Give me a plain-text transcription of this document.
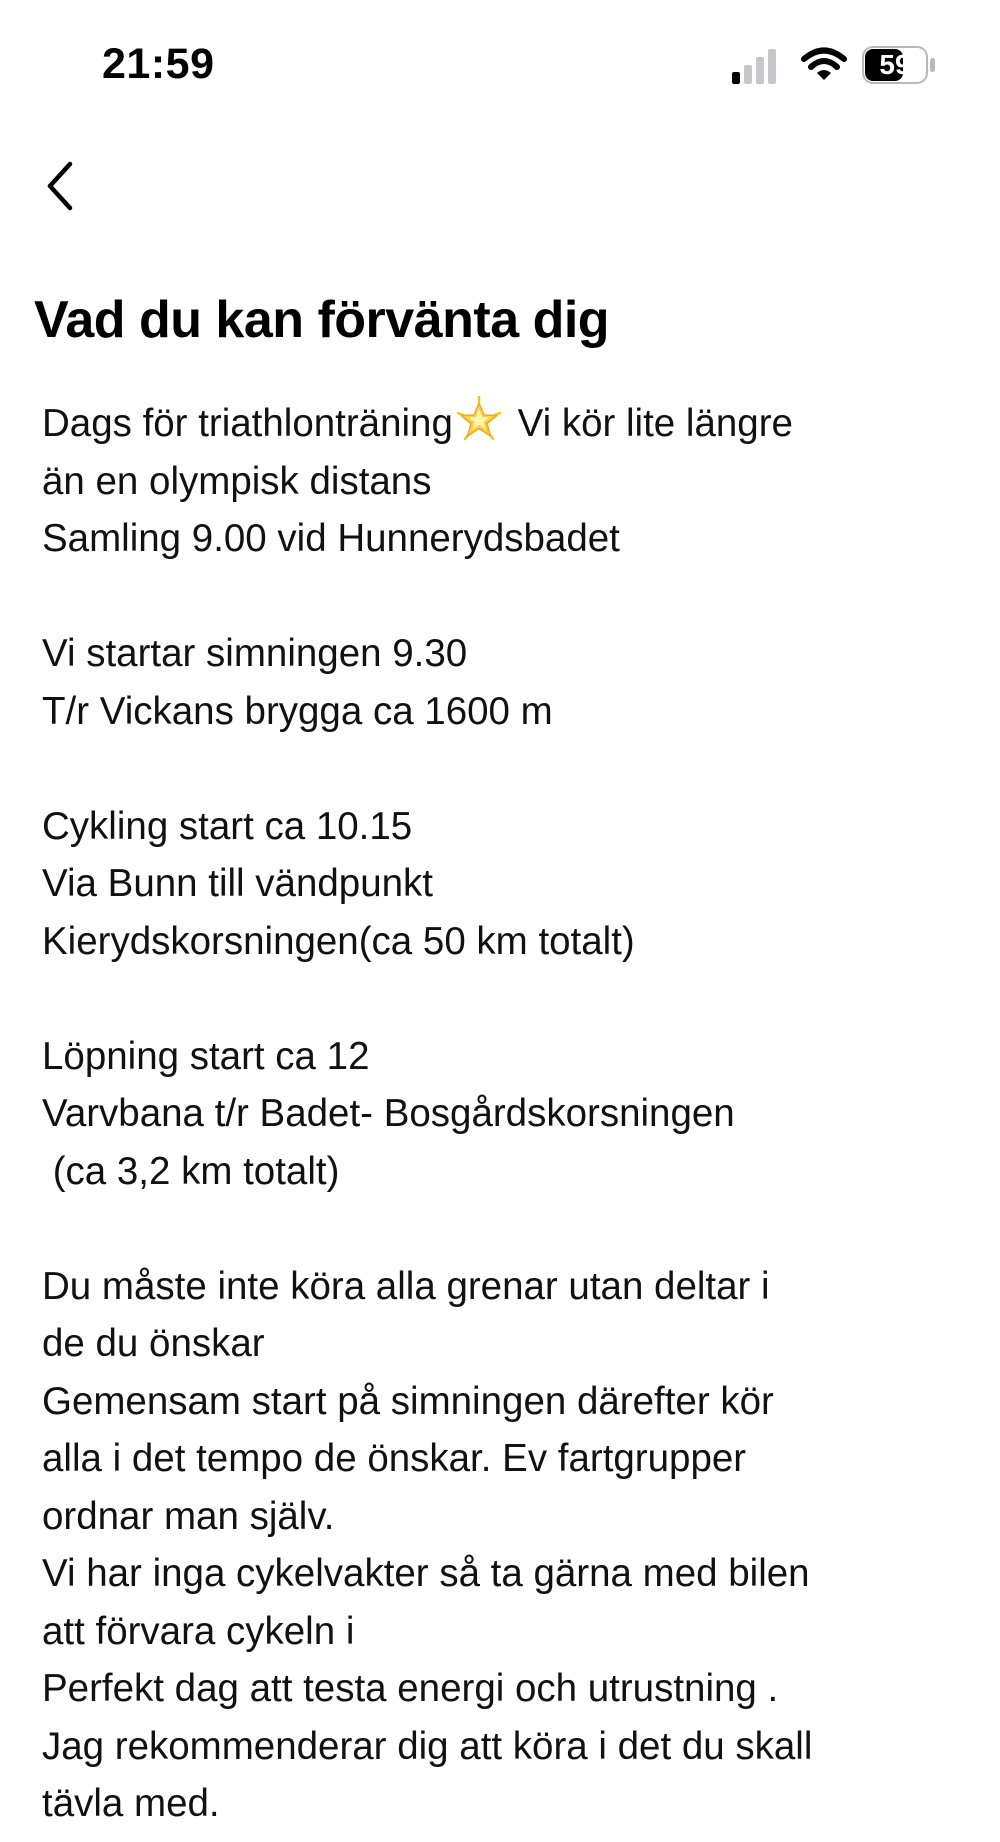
21:59	59
Vad du kan förvänta dig
Dags för triathlonträning Vi kör lite längre
än en olympisk distans
Samling 9.00 vid Hunnerydsbadet
Vi startar simningen 9.30
T/r Vickans brygga ca 1600 m
Cykling start ca 10.15
Via Bunn till vändpunkt
Kierydskorsningen(ca 50 km totalt)
Löpning start ca 12
Varvbana t/r Badet- Bosgårdskorsningen
(ca 3,2 km totalt)
Du måste inte köra alla grenar utan deltar i
de du önskar
Gemensam start på simningen därefter kör
alla i det tempo de önskar. Ev fartgrupper
ordnar man själv.
Vi har inga cykelvakter så ta gärna med bilen
att förvara cykeln i
Perfekt dag att testa energi och utrustning .
Jag rekommenderar dig att köra i det du skall
tävla med.
